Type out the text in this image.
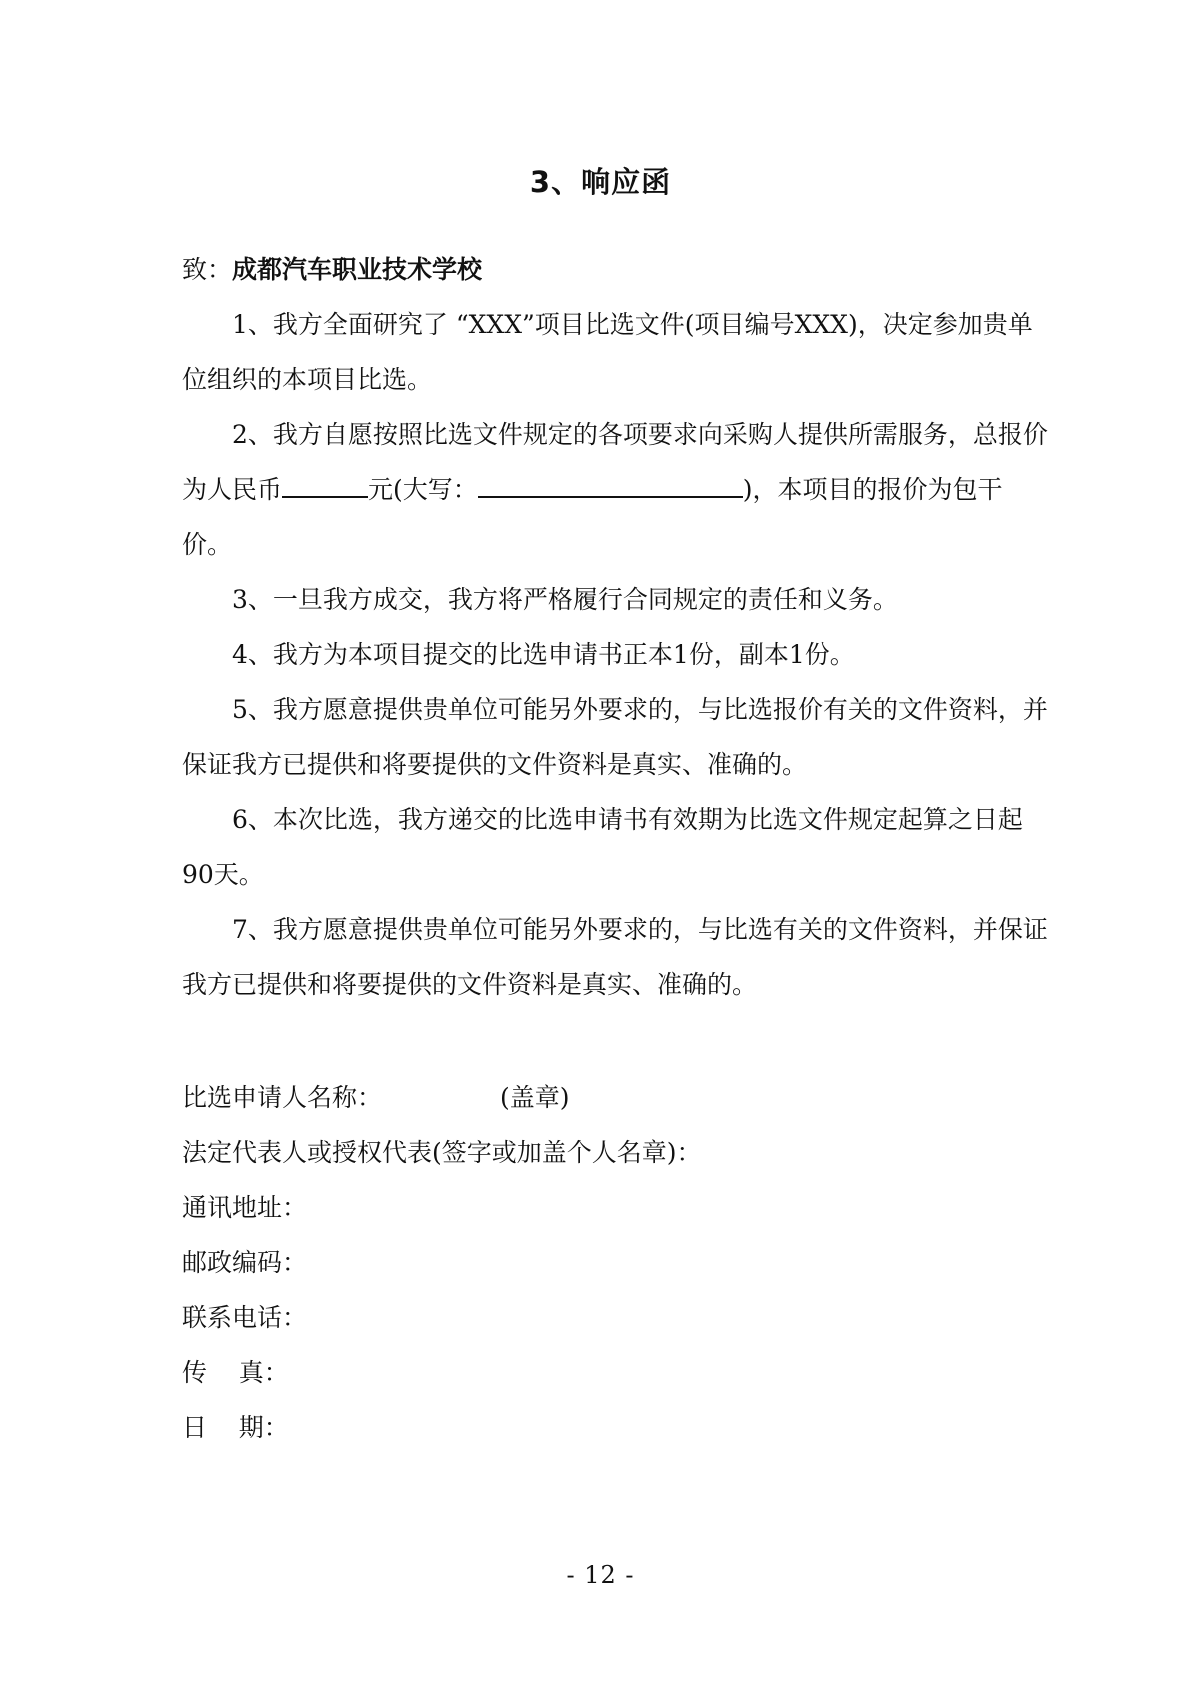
3、响应函

致：成都汽车职业技术学校

1、我方全面研究了 “XXX”项目比选文件(项目编号XXX)，决定参加贵单位组织的本项目比选。

2、我方自愿按照比选文件规定的各项要求向采购人提供所需服务，总报价为人民币	元(大写：	)，本项目的报价为包干价。

3、一旦我方成交，我方将严格履行合同规定的责任和义务。

4、我方为本项目提交的比选申请书正本1份，副本1份。

5、我方愿意提供贵单位可能另外要求的，与比选报价有关的文件资料，并保证我方已提供和将要提供的文件资料是真实、准确的。

6、本次比选，我方递交的比选申请书有效期为比选文件规定起算之日起90天。

7、我方愿意提供贵单位可能另外要求的，与比选有关的文件资料，并保证我方已提供和将要提供的文件资料是真实、准确的。

比选申请人名称：	(盖章)

法定代表人或授权代表(签字或加盖个人名章)：

通讯地址：

邮政编码：

联系电话：

传    真：

日    期：

- 12 -
